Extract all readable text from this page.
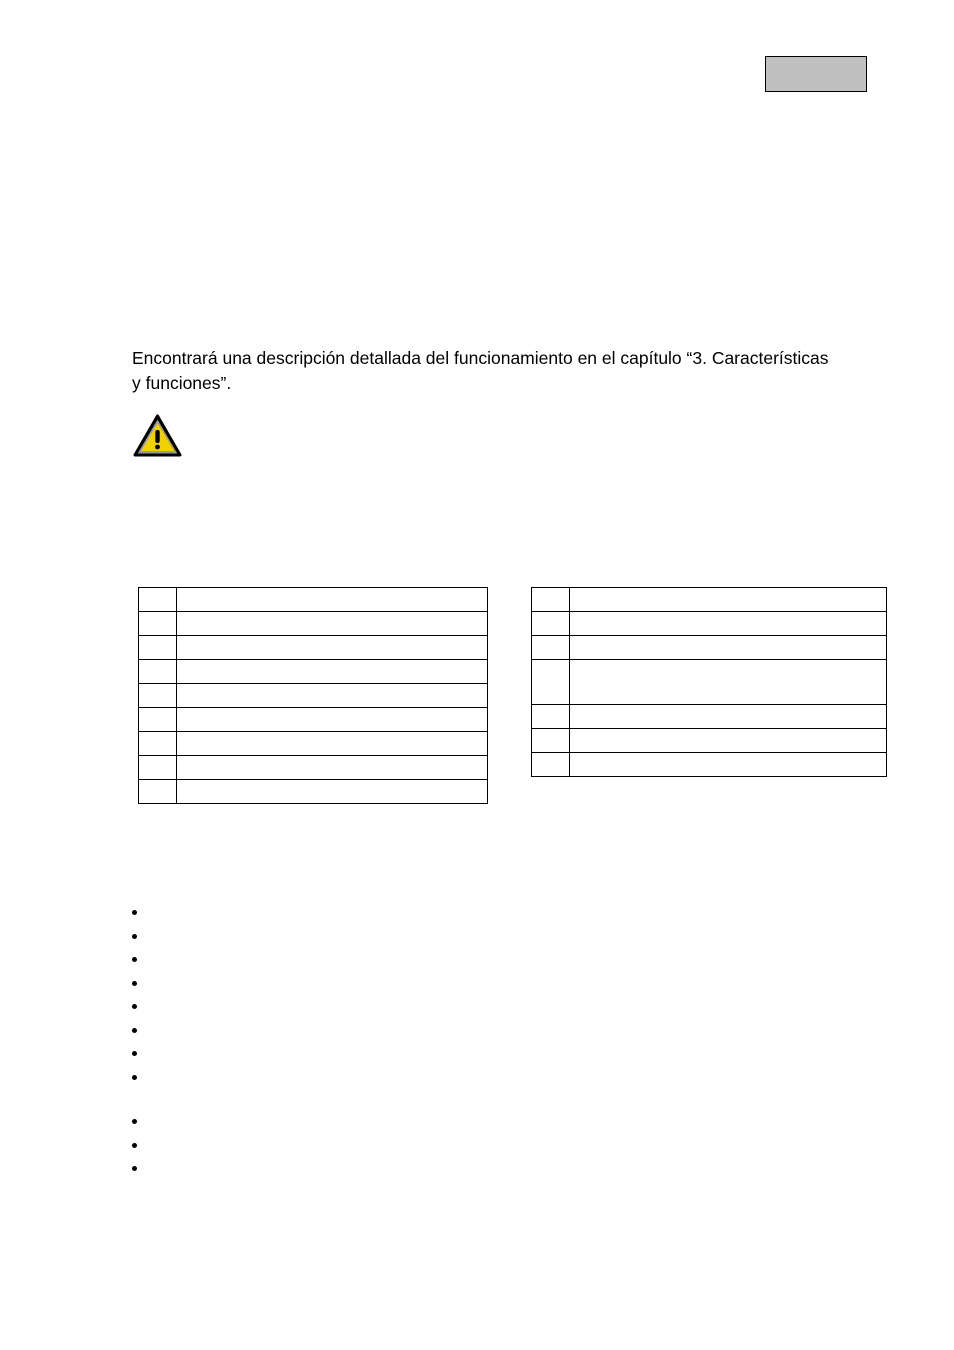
Encontrará una descripción detallada del funcionamiento en el capítulo “3. Características y funciones”.
